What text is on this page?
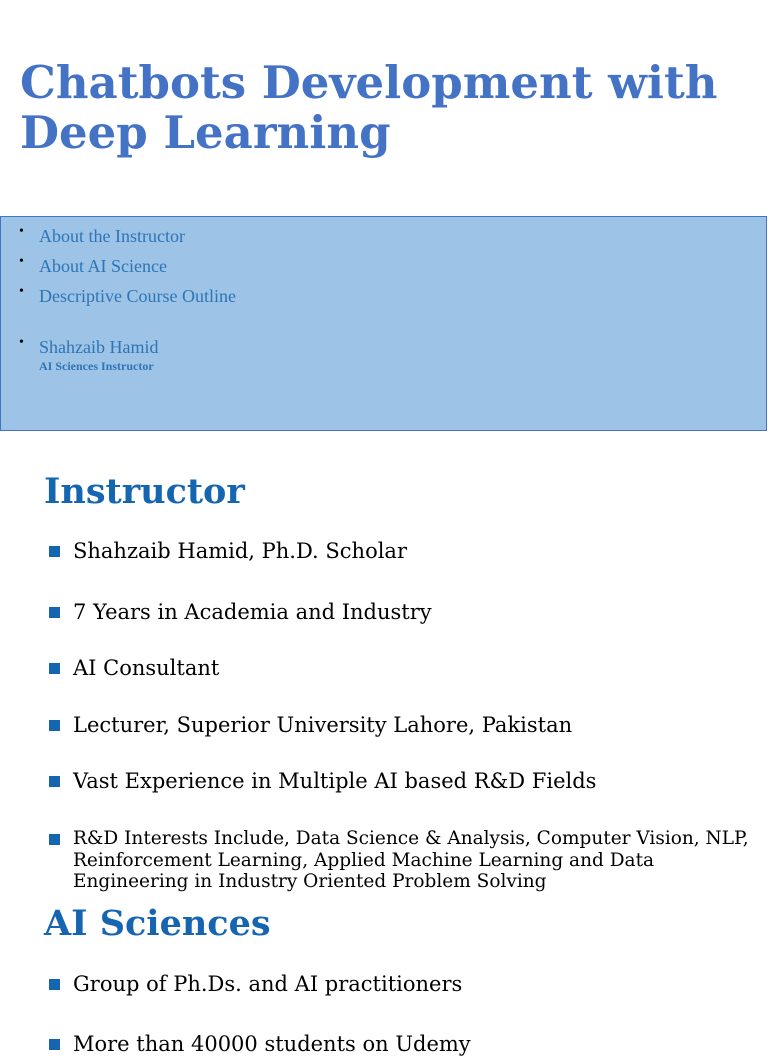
Chatbots Development with Deep Learning
• About the Instructor
• About AI Science
• Descriptive Course Outline
• Shahzaib Hamid
AI Sciences Instructor
Instructor
Shahzaib Hamid, Ph.D. Scholar
7 Years in Academia and Industry
AI Consultant
Lecturer, Superior University Lahore, Pakistan
Vast Experience in Multiple AI based R&D Fields
R&D Interests Include, Data Science & Analysis, Computer Vision, NLP, Reinforcement Learning, Applied Machine Learning and Data Engineering in Industry Oriented Problem Solving
AI Sciences
Group of Ph.Ds. and AI practitioners
More than 40000 students on Udemy
